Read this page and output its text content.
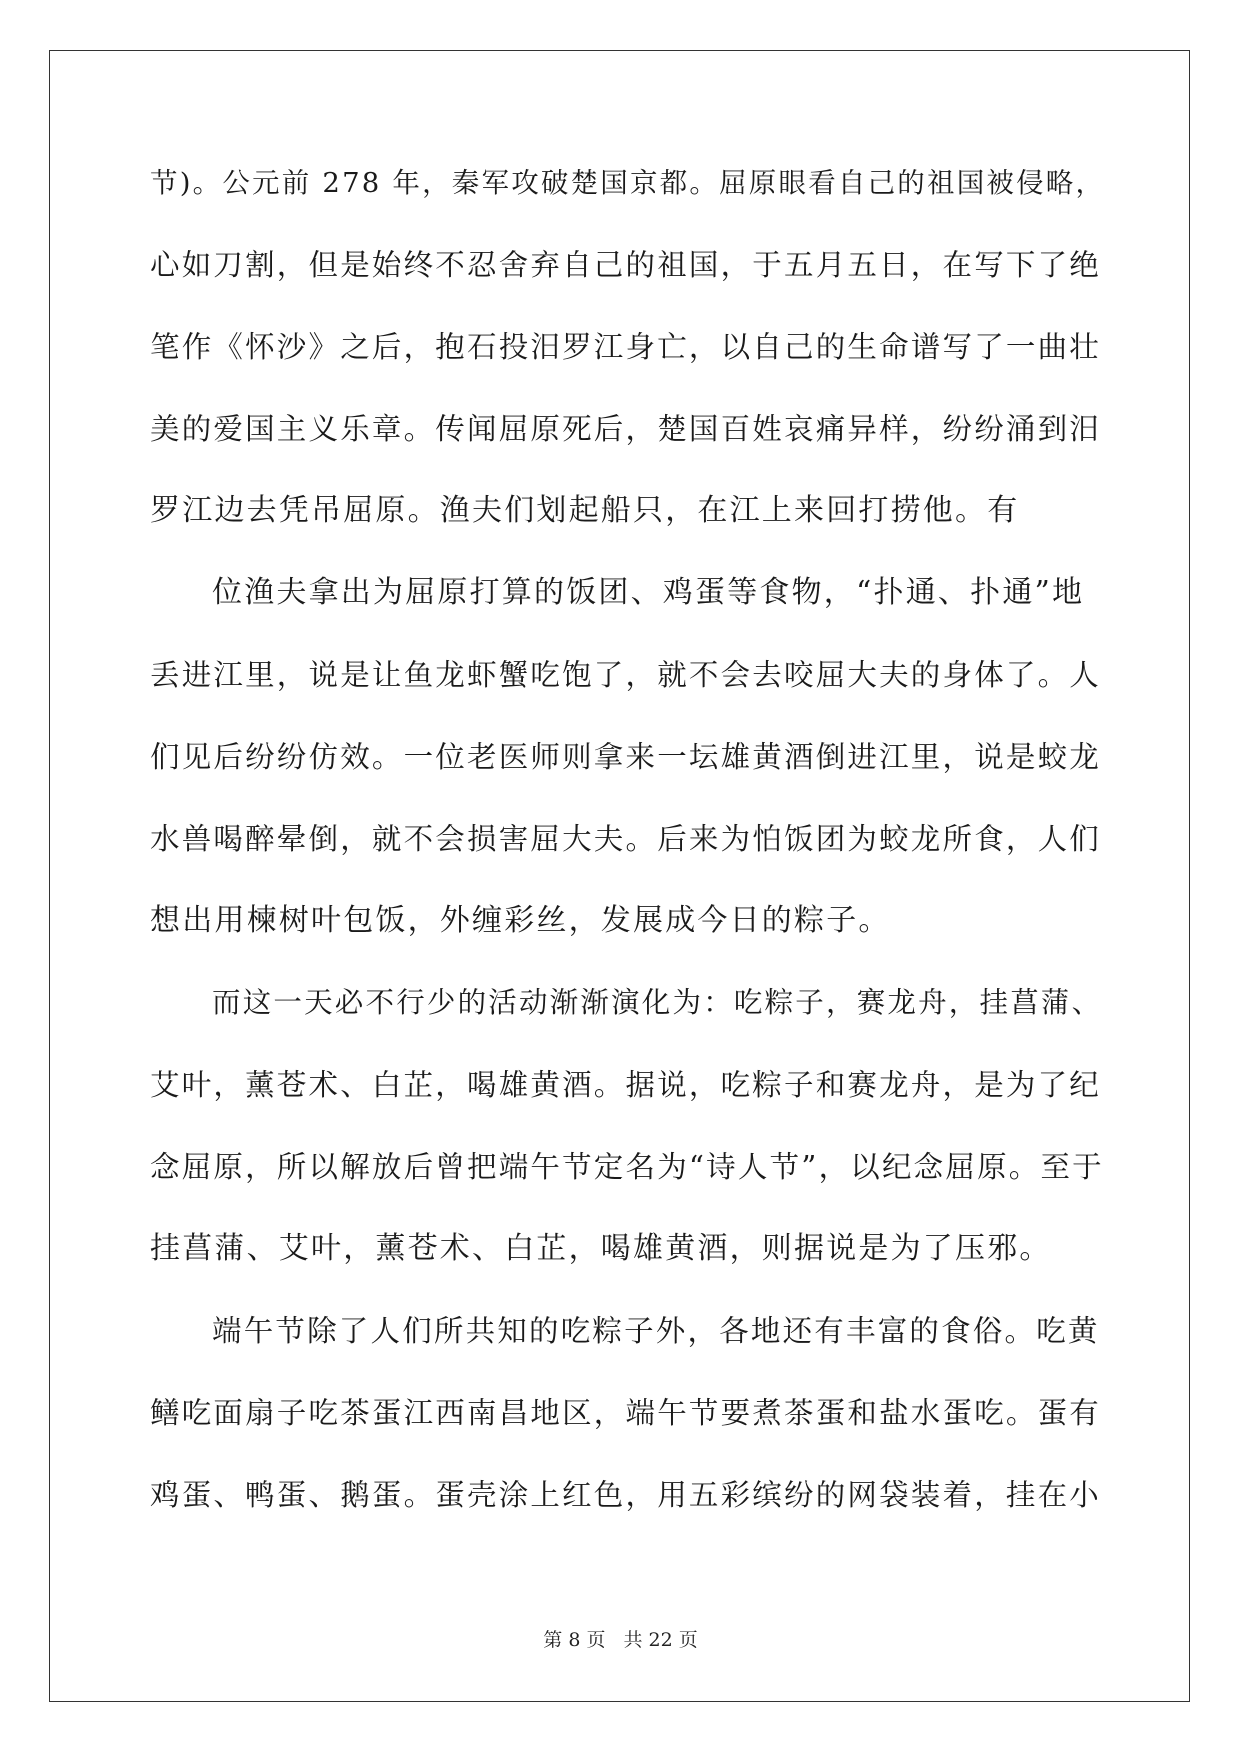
节)。公元前 278 年，秦军攻破楚国京都。屈原眼看自己的祖国被侵略，
心如刀割，但是始终不忍舍弃自己的祖国，于五月五日，在写下了绝
笔作《怀沙》之后，抱石投汨罗江身亡，以自己的生命谱写了一曲壮
美的爱国主义乐章。传闻屈原死后，楚国百姓哀痛异样，纷纷涌到汨
罗江边去凭吊屈原。渔夫们划起船只，在江上来回打捞他。有
位渔夫拿出为屈原打算的饭团、鸡蛋等食物，“扑通、扑通”地
丢进江里，说是让鱼龙虾蟹吃饱了，就不会去咬屈大夫的身体了。人
们见后纷纷仿效。一位老医师则拿来一坛雄黄酒倒进江里，说是蛟龙
水兽喝醉晕倒，就不会损害屈大夫。后来为怕饭团为蛟龙所食，人们
想出用楝树叶包饭，外缠彩丝，发展成今日的粽子。
而这一天必不行少的活动渐渐演化为：吃粽子，赛龙舟，挂菖蒲、
艾叶，薰苍术、白芷，喝雄黄酒。据说，吃粽子和赛龙舟，是为了纪
念屈原，所以解放后曾把端午节定名为“诗人节”，以纪念屈原。至于
挂菖蒲、艾叶，薰苍术、白芷，喝雄黄酒，则据说是为了压邪。
端午节除了人们所共知的吃粽子外，各地还有丰富的食俗。吃黄
鳝吃面扇子吃茶蛋江西南昌地区，端午节要煮茶蛋和盐水蛋吃。蛋有
鸡蛋、鸭蛋、鹅蛋。蛋壳涂上红色，用五彩缤纷的网袋装着，挂在小
第 8 页 共 22 页
